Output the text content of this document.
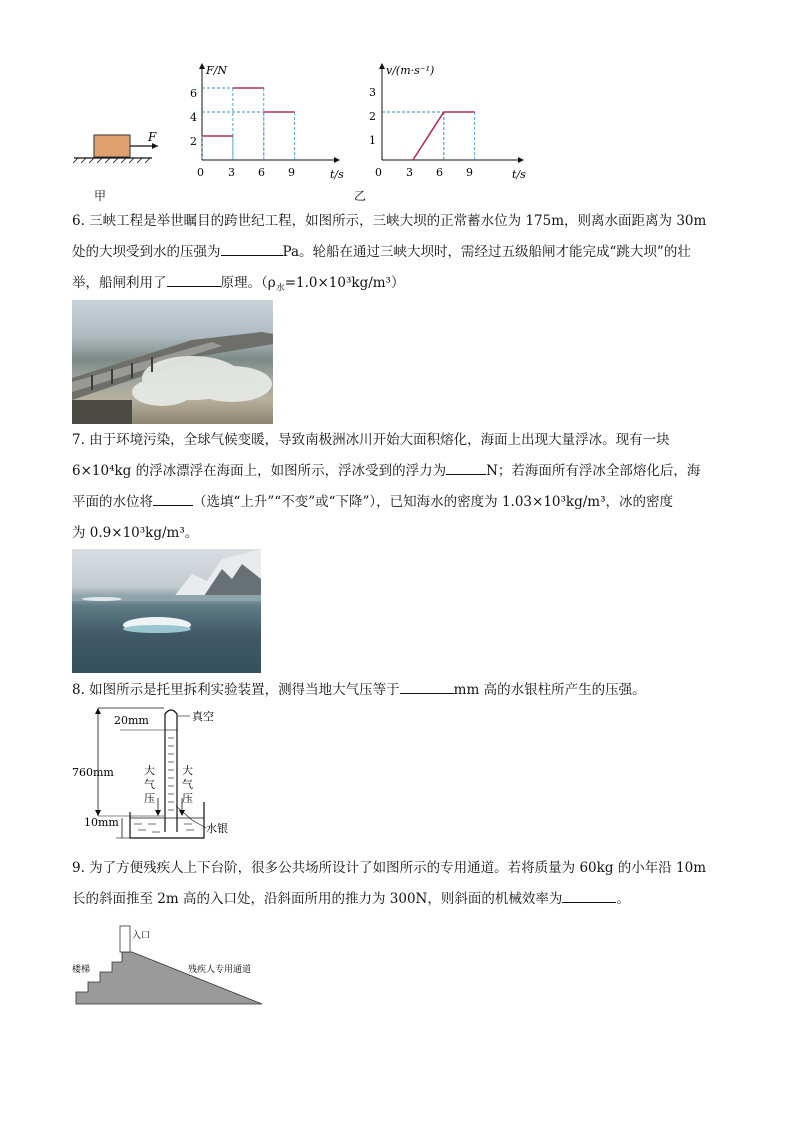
F
甲	乙
F/N
t/s
0 3 6 9
2
4
6
v/(m·s⁻¹)
t/s
0 3 6 9
1
2
3
6. 三峡工程是举世瞩目的跨世纪工程，如图所示，三峡大坝的正常蓄水位为 175m，则离水面距离为 30m
处的大坝受到水的压强为	Pa。轮船在通过三峡大坝时，需经过五级船闸才能完成“跳大坝”的壮
举，船闸利用了	原理。$(\rho_水=1.0\times 10^3kg/m^3)$
7. 由于环境污染，全球气候变暖，导致南极洲冰川开始大面积熔化，海面上出现大量浮冰。现有一块
6×10⁴kg 的浮冰漂浮在海面上，如图所示，浮冰受到的浮力为	N；若海面所有浮冰全部熔化后，海
平面的水位将	（选填“上升”“不变”或“下降”），已知海水的密度为 1.03×10³kg/m³，冰的密度
为 0.9×10³kg/m³。
8. 如图所示是托里拆利实验装置，测得当地大气压等于	mm 高的水银柱所产生的压强。
20mm	真空
760mm
10mm
大
气
压
大
气
压
水银
9. 为了方便残疾人上下台阶，很多公共场所设计了如图所示的专用通道。若将质量为 60kg 的小年沿 10m
长的斜面推至 2m 高的入口处，沿斜面所用的推力为 300N，则斜面的机械效率为	。
入口
楼梯	残疾人专用通道
